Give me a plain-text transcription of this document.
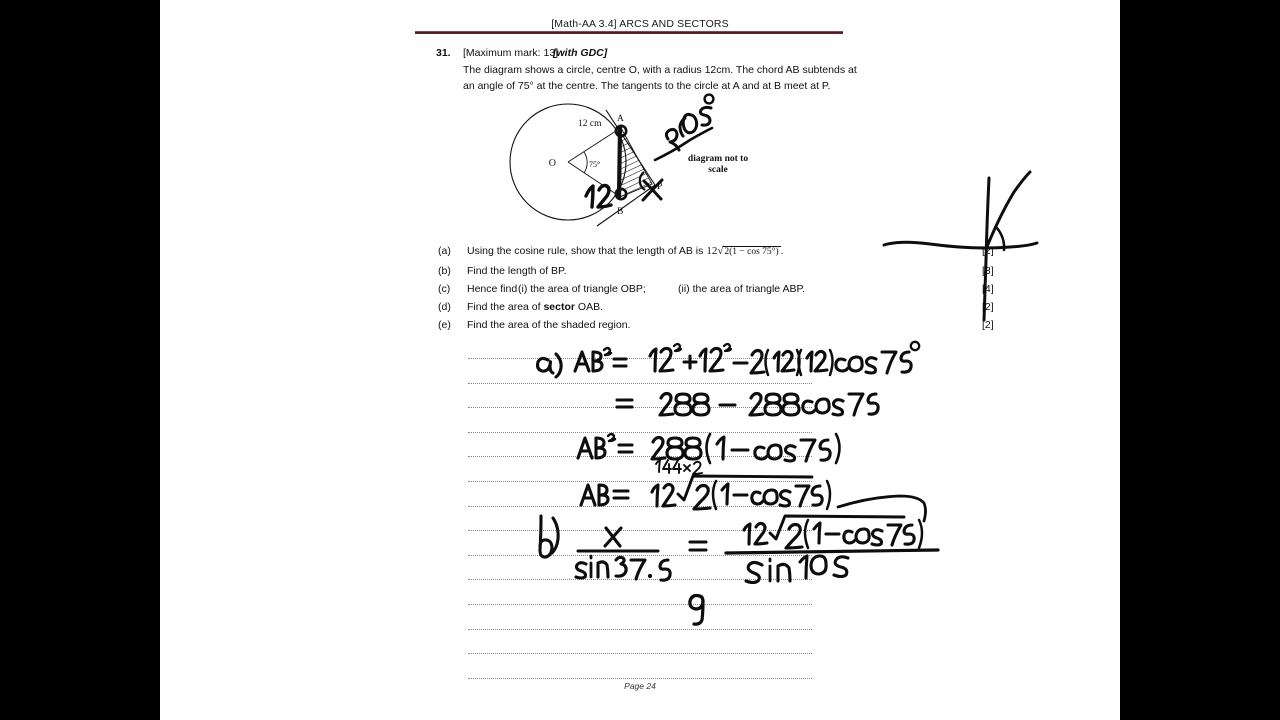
[Math-AA 3.4] ARCS AND SECTORS
31. [Maximum mark: 13]
[with GDC]
The diagram shows a circle, centre O, with a radius 12cm. The chord AB subtends at
an angle of 75° at the centre. The tangents to the circle at A and at B meet at P.
12 cm
O	75°
A
B
P
diagram not to
scale
(a) Using the cosine rule, show that the length of AB is 12√2(1 − cos 75°) .	[2]
(b) Find the length of BP.	[3]
(c) Hence find (i) the area of triangle OBP;	(ii) the area of triangle ABP.	[4]
(d) Find the area of sector OAB.	[2]
(e) Find the area of the shaded region.	[2]
Page 24
